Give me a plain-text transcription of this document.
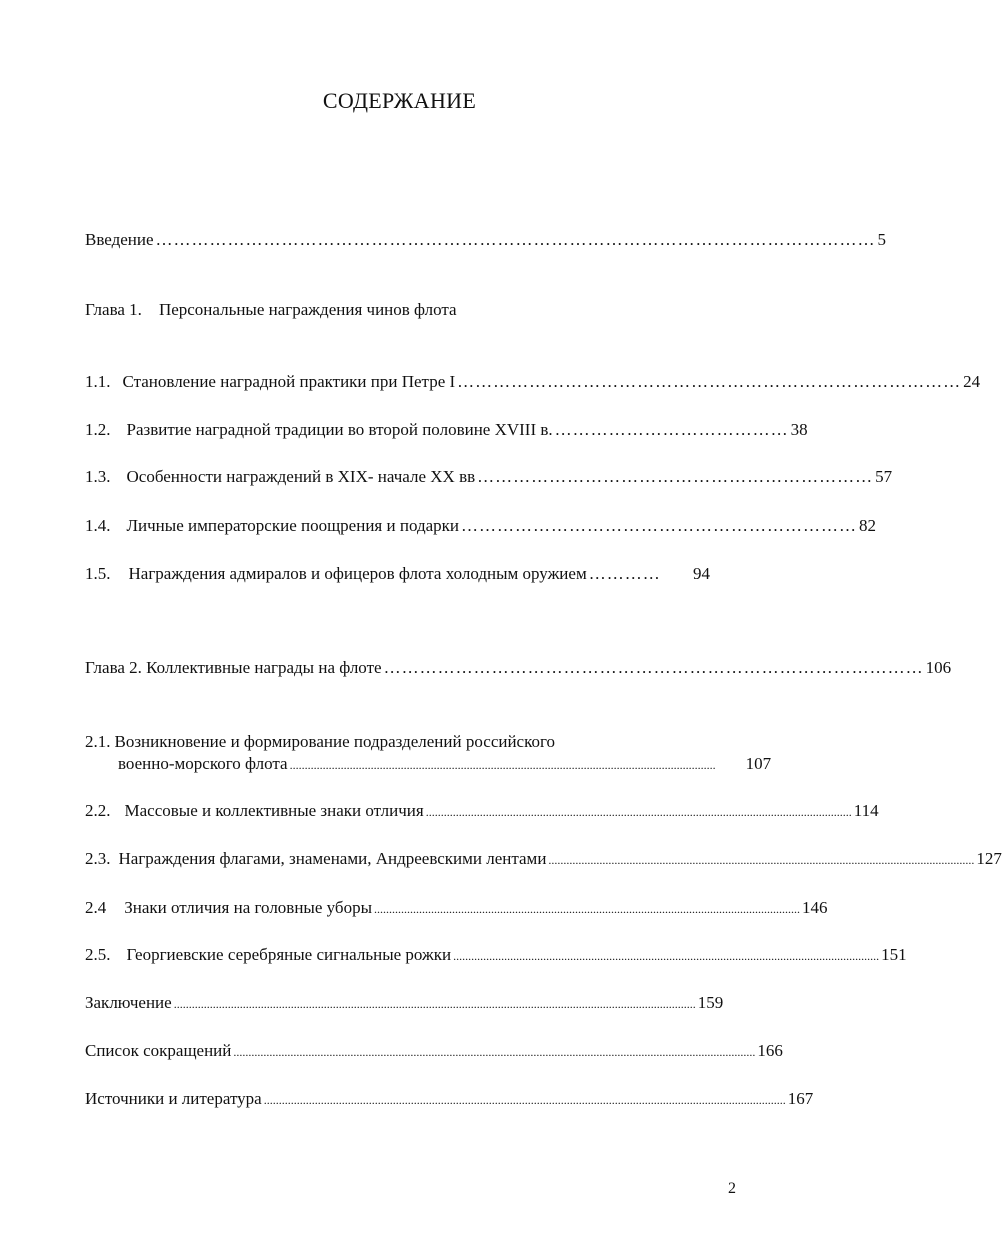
СОДЕРЖАНИЕ
Введение ………………………………………………………………………………………………………… 5
Глава 1. Персональные награждения чинов флота
1.1. Становление наградной практики при Петре I ………………………………………………………………………… 24
1.2. Развитие наградной традиции во второй половине XVIII в. ………………………………… 38
1.3. Особенности награждений в XIX- начале XX вв ………………………………………………………… 57
1.4. Личные императорские поощрения и подарки ………………………………………………………… 82
1.5. Награждения адмиралов и офицеров флота холодным оружием …………	94
Глава 2. Коллективные награды на флоте ……………………………………………………………………………… 106
2.1. Возникновение и формирование подразделений российского
военно-морского флота .............................................................................................................................................. 107
2.2. Массовые и коллективные знаки отличия .............................................................................................................................................. 114
2.3. Награждения флагами, знаменами, Андреевскими лентами .............................................................................................................................................. 127
2.4 Знаки отличия на головные уборы .............................................................................................................................................. 146
2.5. Георгиевские серебряные сигнальные рожки .............................................................................................................................................. 151
Заключение .............................................................................................................................................................................. 159
Список сокращений .............................................................................................................................................................................. 166
Источники и литература .............................................................................................................................................................................. 167
2
